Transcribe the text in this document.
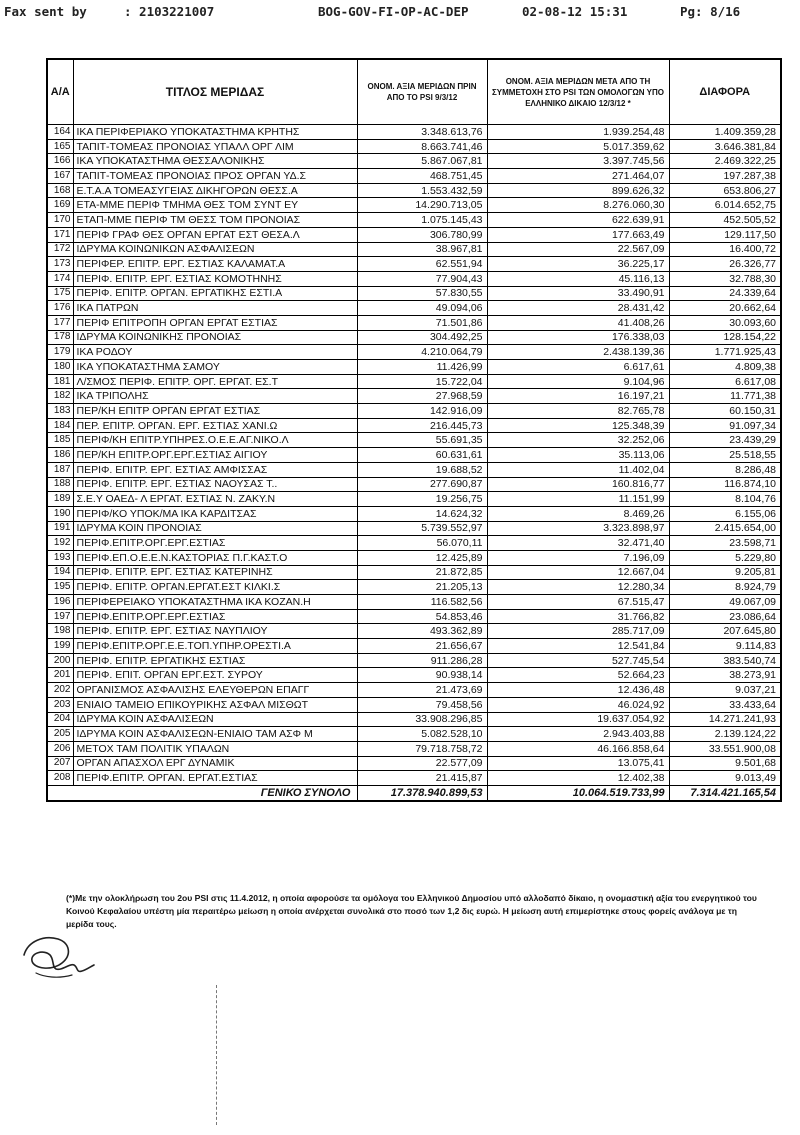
Fax sent by	: 2103221007	BOG-GOV-FI-OP-AC-DEP	02-08-12 15:31	Pg: 8/16
Α/Α	ΤΙΤΛΟΣ ΜΕΡΙΔΑΣ	ΟΝΟΜ. ΑΞΙΑ ΜΕΡΙΔΩΝ ΠΡΙΝ ΑΠΟ ΤΟ PSI 9/3/12	ΟΝΟΜ. ΑΞΙΑ ΜΕΡΙΔΩΝ ΜΕΤΑ ΑΠΟ ΤΗ ΣΥΜΜΕΤΟΧΗ ΣΤΟ PSI ΤΩΝ ΟΜΟΛΟΓΩΝ ΥΠΟ ΕΛΛΗΝΙΚΟ ΔΙΚΑΙΟ 12/3/12 *	ΔΙΑΦΟΡΑ
164	ΙΚΑ ΠΕΡΙΦΕΡΙΑΚΟ ΥΠΟΚΑΤΑΣΤΗΜΑ ΚΡΗΤΗΣ	3.348.613,76	1.939.254,48	1.409.359,28
165	ΤΑΠΙΤ-ΤΟΜΕΑΣ ΠΡΟΝΟΙΑΣ ΥΠΑΛΛ ΟΡΓ ΛΙΜ	8.663.741,46	5.017.359,62	3.646.381,84
166	ΙΚΑ ΥΠΟΚΑΤΑΣΤΗΜΑ ΘΕΣΣΑΛΟΝΙΚΗΣ	5.867.067,81	3.397.745,56	2.469.322,25
167	ΤΑΠΙΤ-ΤΟΜΕΑΣ ΠΡΟΝΟΙΑΣ ΠΡΟΣ ΟΡΓΑΝ ΥΔ.Σ	468.751,45	271.464,07	197.287,38
168	Ε.Τ.Α.Α ΤΟΜΕΑΣΥΓΕΙΑΣ ΔΙΚΗΓΟΡΩΝ ΘΕΣΣ.Α	1.553.432,59	899.626,32	653.806,27
169	ΕΤΑ-ΜΜΕ ΠΕΡΙΦ ΤΜΗΜΑ ΘΕΣ ΤΟΜ ΣΥΝΤ ΕΥ	14.290.713,05	8.276.060,30	6.014.652,75
170	ΕΤΑΠ-ΜΜΕ ΠΕΡΙΦ ΤΜ ΘΕΣΣ ΤΟΜ ΠΡΟΝΟΙΑΣ	1.075.145,43	622.639,91	452.505,52
171	ΠΕΡΙΦ ΓΡΑΦ ΘΕΣ ΟΡΓΑΝ ΕΡΓΑΤ ΕΣΤ ΘΕΣΑ.Λ	306.780,99	177.663,49	129.117,50
172	ΙΔΡΥΜΑ ΚΟΙΝΩΝΙΚΩΝ ΑΣΦΑΛΙΣΕΩΝ	38.967,81	22.567,09	16.400,72
173	ΠΕΡΙΦΕΡ. ΕΠΙΤΡ. ΕΡΓ. ΕΣΤΙΑΣ ΚΑΛΑΜΑΤ.Α	62.551,94	36.225,17	26.326,77
174	ΠΕΡΙΦ. ΕΠΙΤΡ. ΕΡΓ. ΕΣΤΙΑΣ ΚΟΜΟΤΗΝΗΣ	77.904,43	45.116,13	32.788,30
175	ΠΕΡΙΦ. ΕΠΙΤΡ. ΟΡΓΑΝ. ΕΡΓΑΤΙΚΗΣ ΕΣΤΙ.Α	57.830,55	33.490,91	24.339,64
176	ΙΚΑ ΠΑΤΡΩΝ	49.094,06	28.431,42	20.662,64
177	ΠΕΡΙΦ ΕΠΙΤΡΟΠΗ ΟΡΓΑΝ ΕΡΓΑΤ ΕΣΤΙΑΣ	71.501,86	41.408,26	30.093,60
178	ΙΔΡΥΜΑ ΚΟΙΝΩΝΙΚΗΣ ΠΡΟΝΟΙΑΣ	304.492,25	176.338,03	128.154,22
179	ΙΚΑ ΡΟΔΟΥ	4.210.064,79	2.438.139,36	1.771.925,43
180	ΙΚΑ ΥΠΟΚΑΤΑΣΤΗΜΑ ΣΑΜΟΥ	11.426,99	6.617,61	4.809,38
181	Λ/ΣΜΟΣ ΠΕΡΙΦ. ΕΠΙΤΡ. ΟΡΓ. ΕΡΓΑΤ. ΕΣ.Τ	15.722,04	9.104,96	6.617,08
182	ΙΚΑ ΤΡΙΠΟΛΗΣ	27.968,59	16.197,21	11.771,38
183	ΠΕΡ/ΚΗ ΕΠΙΤΡ ΟΡΓΑΝ ΕΡΓΑΤ ΕΣΤΙΑΣ	142.916,09	82.765,78	60.150,31
184	ΠΕΡ. ΕΠΙΤΡ. ΟΡΓΑΝ. ΕΡΓ. ΕΣΤΙΑΣ ΧΑΝΙ.Ω	216.445,73	125.348,39	91.097,34
185	ΠΕΡΙΦ/ΚΗ ΕΠΙΤΡ.ΥΠΗΡΕΣ.Ο.Ε.Ε.ΑΓ.ΝΙΚΟ.Λ	55.691,35	32.252,06	23.439,29
186	ΠΕΡ/ΚΗ ΕΠΙΤΡ.ΟΡΓ.ΕΡΓ.ΕΣΤΙΑΣ ΑΙΓΙΟΥ	60.631,61	35.113,06	25.518,55
187	ΠΕΡΙΦ. ΕΠΙΤΡ. ΕΡΓ. ΕΣΤΙΑΣ ΑΜΦΙΣΣΑΣ	19.688,52	11.402,04	8.286,48
188	ΠΕΡΙΦ. ΕΠΙΤΡ. ΕΡΓ. ΕΣΤΙΑΣ ΝΑΟΥΣΑΣ Τ..	277.690,87	160.816,77	116.874,10
189	Σ.Ε.Υ ΟΑΕΔ- Λ ΕΡΓΑΤ. ΕΣΤΙΑΣ Ν. ΖΑΚΥ.Ν	19.256,75	11.151,99	8.104,76
190	ΠΕΡΙΦ/ΚΟ ΥΠΟΚ/ΜΑ ΙΚΑ ΚΑΡΔΙΤΣΑΣ	14.624,32	8.469,26	6.155,06
191	ΙΔΡΥΜΑ ΚΟΙΝ ΠΡΟΝΟΙΑΣ	5.739.552,97	3.323.898,97	2.415.654,00
192	ΠΕΡΙΦ.ΕΠΙΤΡ.ΟΡΓ.ΕΡΓ.ΕΣΤΙΑΣ	56.070,11	32.471,40	23.598,71
193	ΠΕΡΙΦ.ΕΠ.Ο.Ε.Ε.Ν.ΚΑΣΤΟΡΙΑΣ Π.Γ.ΚΑΣΤ.Ο	12.425,89	7.196,09	5.229,80
194	ΠΕΡΙΦ. ΕΠΙΤΡ. ΕΡΓ. ΕΣΤΙΑΣ ΚΑΤΕΡΙΝΗΣ	21.872,85	12.667,04	9.205,81
195	ΠΕΡΙΦ. ΕΠΙΤΡ. ΟΡΓΑΝ.ΕΡΓΑΤ.ΕΣΤ ΚΙΛΚΙ.Σ	21.205,13	12.280,34	8.924,79
196	ΠΕΡΙΦΕΡΕΙΑΚΟ ΥΠΟΚΑΤΑΣΤΗΜΑ ΙΚΑ ΚΟΖΑΝ.Η	116.582,56	67.515,47	49.067,09
197	ΠΕΡΙΦ.ΕΠΙΤΡ.ΟΡΓ.ΕΡΓ.ΕΣΤΙΑΣ	54.853,46	31.766,82	23.086,64
198	ΠΕΡΙΦ. ΕΠΙΤΡ. ΕΡΓ. ΕΣΤΙΑΣ ΝΑΥΠΛΙΟΥ	493.362,89	285.717,09	207.645,80
199	ΠΕΡΙΦ.ΕΠΙΤΡ.ΟΡΓ.Ε.Ε.ΤΟΠ.ΥΠΗΡ.ΟΡΕΣΤΙ.Α	21.656,67	12.541,84	9.114,83
200	ΠΕΡΙΦ. ΕΠΙΤΡ. ΕΡΓΑΤΙΚΗΣ ΕΣΤΙΑΣ	911.286,28	527.745,54	383.540,74
201	ΠΕΡΙΦ. ΕΠΙΤ. ΟΡΓΑΝ ΕΡΓ.ΕΣΤ. ΣΥΡΟΥ	90.938,14	52.664,23	38.273,91
202	ΟΡΓΑΝΙΣΜΟΣ ΑΣΦΑΛΙΣΗΣ ΕΛΕΥΘΕΡΩΝ ΕΠΑΓΓ	21.473,69	12.436,48	9.037,21
203	ΕΝΙΑΙΟ ΤΑΜΕΙΟ ΕΠΙΚΟΥΡΙΚΗΣ ΑΣΦΑΛ ΜΙΣΘΩΤ	79.458,56	46.024,92	33.433,64
204	ΙΔΡΥΜΑ ΚΟΙΝ ΑΣΦΑΛΙΣΕΩΝ	33.908.296,85	19.637.054,92	14.271.241,93
205	ΙΔΡΥΜΑ ΚΟΙΝ ΑΣΦΑΛΙΣΕΩΝ-ΕΝΙΑΙΟ ΤΑΜ ΑΣΦ Μ	5.082.528,10	2.943.403,88	2.139.124,22
206	ΜΕΤΟΧ ΤΑΜ ΠΟΛΙΤΙΚ ΥΠΑΛΩΝ	79.718.758,72	46.166.858,64	33.551.900,08
207	ΟΡΓΑΝ ΑΠΑΣΧΟΛ ΕΡΓ ΔΥΝΑΜΙΚ	22.577,09	13.075,41	9.501,68
208	ΠΕΡΙΦ.ΕΠΙΤΡ. ΟΡΓΑΝ. ΕΡΓΑΤ.ΕΣΤΙΑΣ	21.415,87	12.402,38	9.013,49
ΓΕΝΙΚΟ ΣΥΝΟΛΟ		17.378.940.899,53	10.064.519.733,99	7.314.421.165,54
(*)Με την ολοκλήρωση του 2ου PSI στις 11.4.2012, η οποία αφορούσε τα ομόλογα του Ελληνικού Δημοσίου υπό αλλοδαπό δίκαιο, η ονομαστική αξία του ενεργητικού του Κοινού Κεφαλαίου υπέστη μία περαιτέρω μείωση η οποία ανέρχεται συνολικά στο ποσό των 1,2 δις ευρώ. Η μείωση αυτή επιμερίστηκε στους φορείς ανάλογα με τη μερίδα τους.
